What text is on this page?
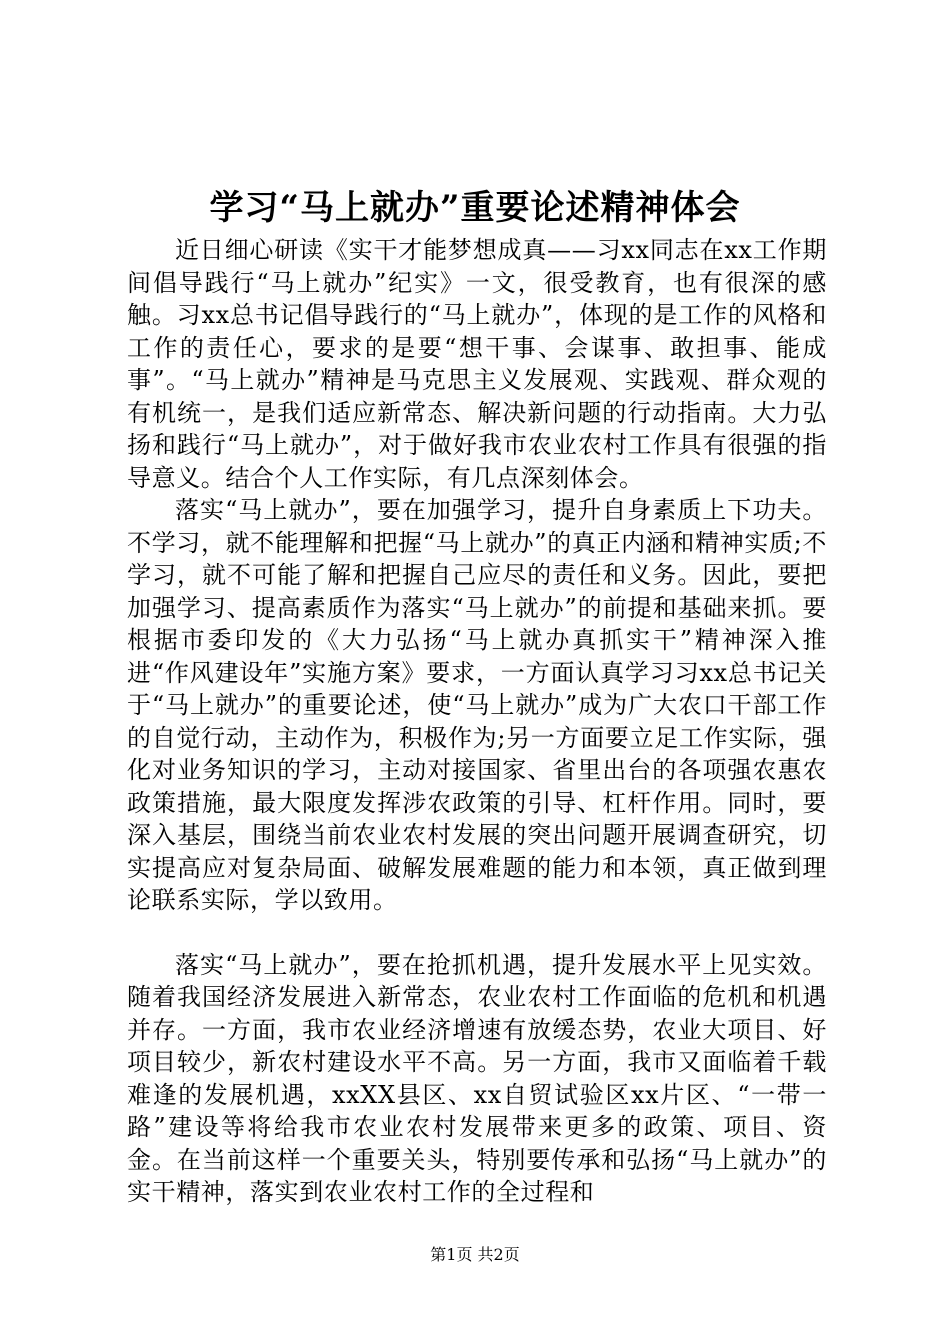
学习“马上就办”重要论述精神体会

近日细心研读《实干才能梦想成真——习xx同志在xx工作期间倡导践行“马上就办”纪实》一文，很受教育，也有很深的感触。习xx总书记倡导践行的“马上就办”，体现的是工作的风格和工作的责任心，要求的是要“想干事、会谋事、敢担事、能成事”。“马上就办”精神是马克思主义发展观、实践观、群众观的有机统一，是我们适应新常态、解决新问题的行动指南。大力弘扬和践行“马上就办”，对于做好我市农业农村工作具有很强的指导意义。结合个人工作实际，有几点深刻体会。

落实“马上就办”，要在加强学习，提升自身素质上下功夫。不学习，就不能理解和把握“马上就办”的真正内涵和精神实质;不学习，就不可能了解和把握自己应尽的责任和义务。因此，要把加强学习、提高素质作为落实“马上就办”的前提和基础来抓。要根据市委印发的《大力弘扬“马上就办真抓实干”精神深入推进“作风建设年”实施方案》要求，一方面认真学习习xx总书记关于“马上就办”的重要论述，使“马上就办”成为广大农口干部工作的自觉行动，主动作为，积极作为;另一方面要立足工作实际，强化对业务知识的学习，主动对接国家、省里出台的各项强农惠农政策措施，最大限度发挥涉农政策的引导、杠杆作用。同时，要深入基层，围绕当前农业农村发展的突出问题开展调查研究，切实提高应对复杂局面、破解发展难题的能力和本领，真正做到理论联系实际，学以致用。

落实“马上就办”，要在抢抓机遇，提升发展水平上见实效。随着我国经济发展进入新常态，农业农村工作面临的危机和机遇并存。一方面，我市农业经济增速有放缓态势，农业大项目、好项目较少，新农村建设水平不高。另一方面，我市又面临着千载难逢的发展机遇，xxXX县区、xx自贸试验区xx片区、“一带一路”建设等将给我市农业农村发展带来更多的政策、项目、资金。在当前这样一个重要关头，特别要传承和弘扬“马上就办”的实干精神，落实到农业农村工作的全过程和

第1页 共2页
